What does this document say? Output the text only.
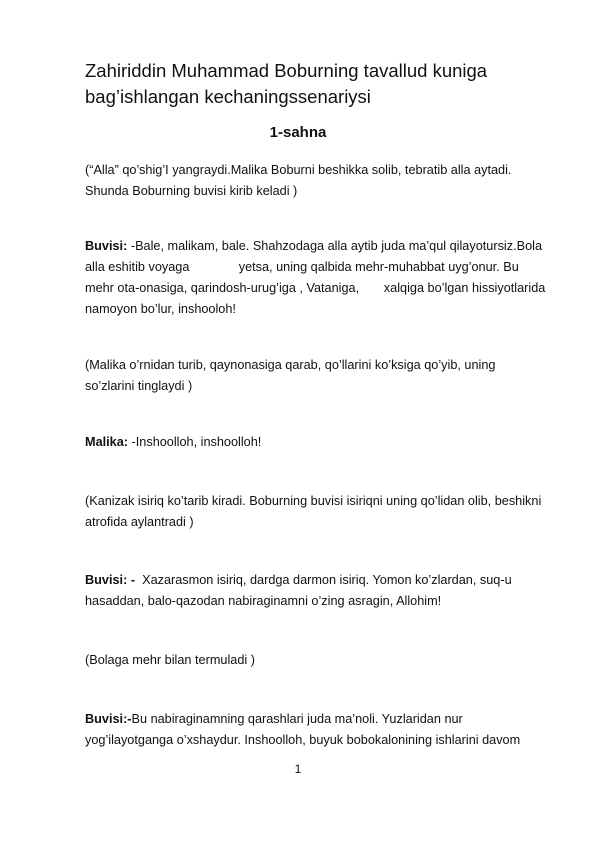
Zahiriddin Muhammad Boburning tavallud kuniga
bag’ishlangan kechaningssenariysi
1-sahna
(“Alla” qo’shig’I yangraydi.Malika Boburni beshikka solib, tebratib alla aytadi.
Shunda Boburning buvisi kirib keladi )
Buvisi: -Bale, malikam, bale. Shahzodaga alla aytib juda ma’qul qilayotursiz.Bola
alla eshitib voyaga              yetsa, uning qalbida mehr-muhabbat uyg’onur. Bu
mehr ota-onasiga, qarindosh-urug’iga , Vataniga,       xalqiga bo’lgan hissiyotlarida
namoyon bo’lur, inshooloh!
(Malika o’rnidan turib, qaynonasiga qarab, qo’llarini ko’ksiga qo’yib, uning
so’zlarini tinglaydi )
Malika: -Inshoolloh, inshoolloh!
(Kanizak isiriq ko’tarib kiradi. Boburning buvisi isiriqni uning qo’lidan olib, beshikni
atrofida aylantradi )
Buvisi: -  Xazarasmon isiriq, dardga darmon isiriq. Yomon ko’zlardan, suq-u
hasaddan, balo-qazodan nabiraginamni o’zing asragin, Allohim!
(Bolaga mehr bilan termuladi )
Buvisi:-Bu nabiraginamning qarashlari juda ma’noli. Yuzlaridan nur
yog’ilayotganga o’xshaydur. Inshoolloh, buyuk bobokalonining ishlarini davom
1
